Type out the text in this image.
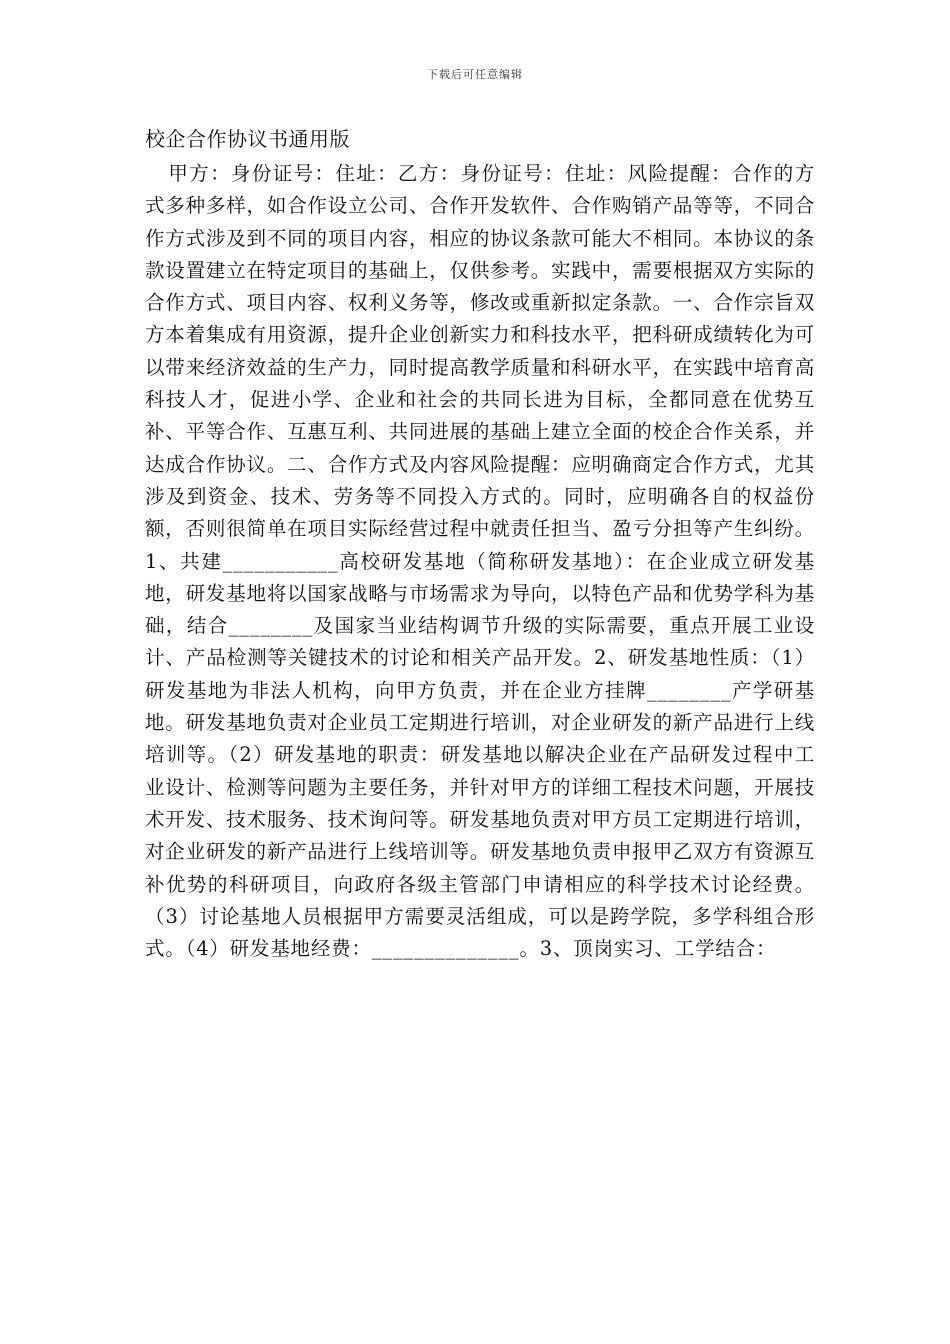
下载后可任意编辑
校企合作协议书通用版
甲方：身份证号：住址：乙方：身份证号：住址：风险提醒：合作的方式多种多样，如合作设立公司、合作开发软件、合作购销产品等等，不同合作方式涉及到不同的项目内容，相应的协议条款可能大不相同。本协议的条款设置建立在特定项目的基础上，仅供参考。实践中，需要根据双方实际的合作方式、项目内容、权利义务等，修改或重新拟定条款。一、合作宗旨双方本着集成有用资源，提升企业创新实力和科技水平，把科研成绩转化为可以带来经济效益的生产力，同时提高教学质量和科研水平，在实践中培育高科技人才，促进小学、企业和社会的共同长进为目标，全都同意在优势互补、平等合作、互惠互利、共同进展的基础上建立全面的校企合作关系，并达成合作协议。二、合作方式及内容风险提醒：应明确商定合作方式，尤其涉及到资金、技术、劳务等不同投入方式的。同时，应明确各自的权益份额，否则很简单在项目实际经营过程中就责任担当、盈亏分担等产生纠纷。1、共建___________高校研发基地（简称研发基地）：在企业成立研发基地，研发基地将以国家战略与市场需求为导向，以特色产品和优势学科为基础，结合________及国家当业结构调节升级的实际需要，重点开展工业设计、产品检测等关键技术的讨论和相关产品开发。2、研发基地性质：（1）研发基地为非法人机构，向甲方负责，并在企业方挂牌________产学研基地。研发基地负责对企业员工定期进行培训，对企业研发的新产品进行上线培训等。（2）研发基地的职责：研发基地以解决企业在产品研发过程中工业设计、检测等问题为主要任务，并针对甲方的详细工程技术问题，开展技术开发、技术服务、技术询问等。研发基地负责对甲方员工定期进行培训，对企业研发的新产品进行上线培训等。研发基地负责申报甲乙双方有资源互补优势的科研项目，向政府各级主管部门申请相应的科学技术讨论经费。（3）讨论基地人员根据甲方需要灵活组成，可以是跨学院，多学科组合形式。（4）研发基地经费：______________。3、顶岗实习、工学结合：
